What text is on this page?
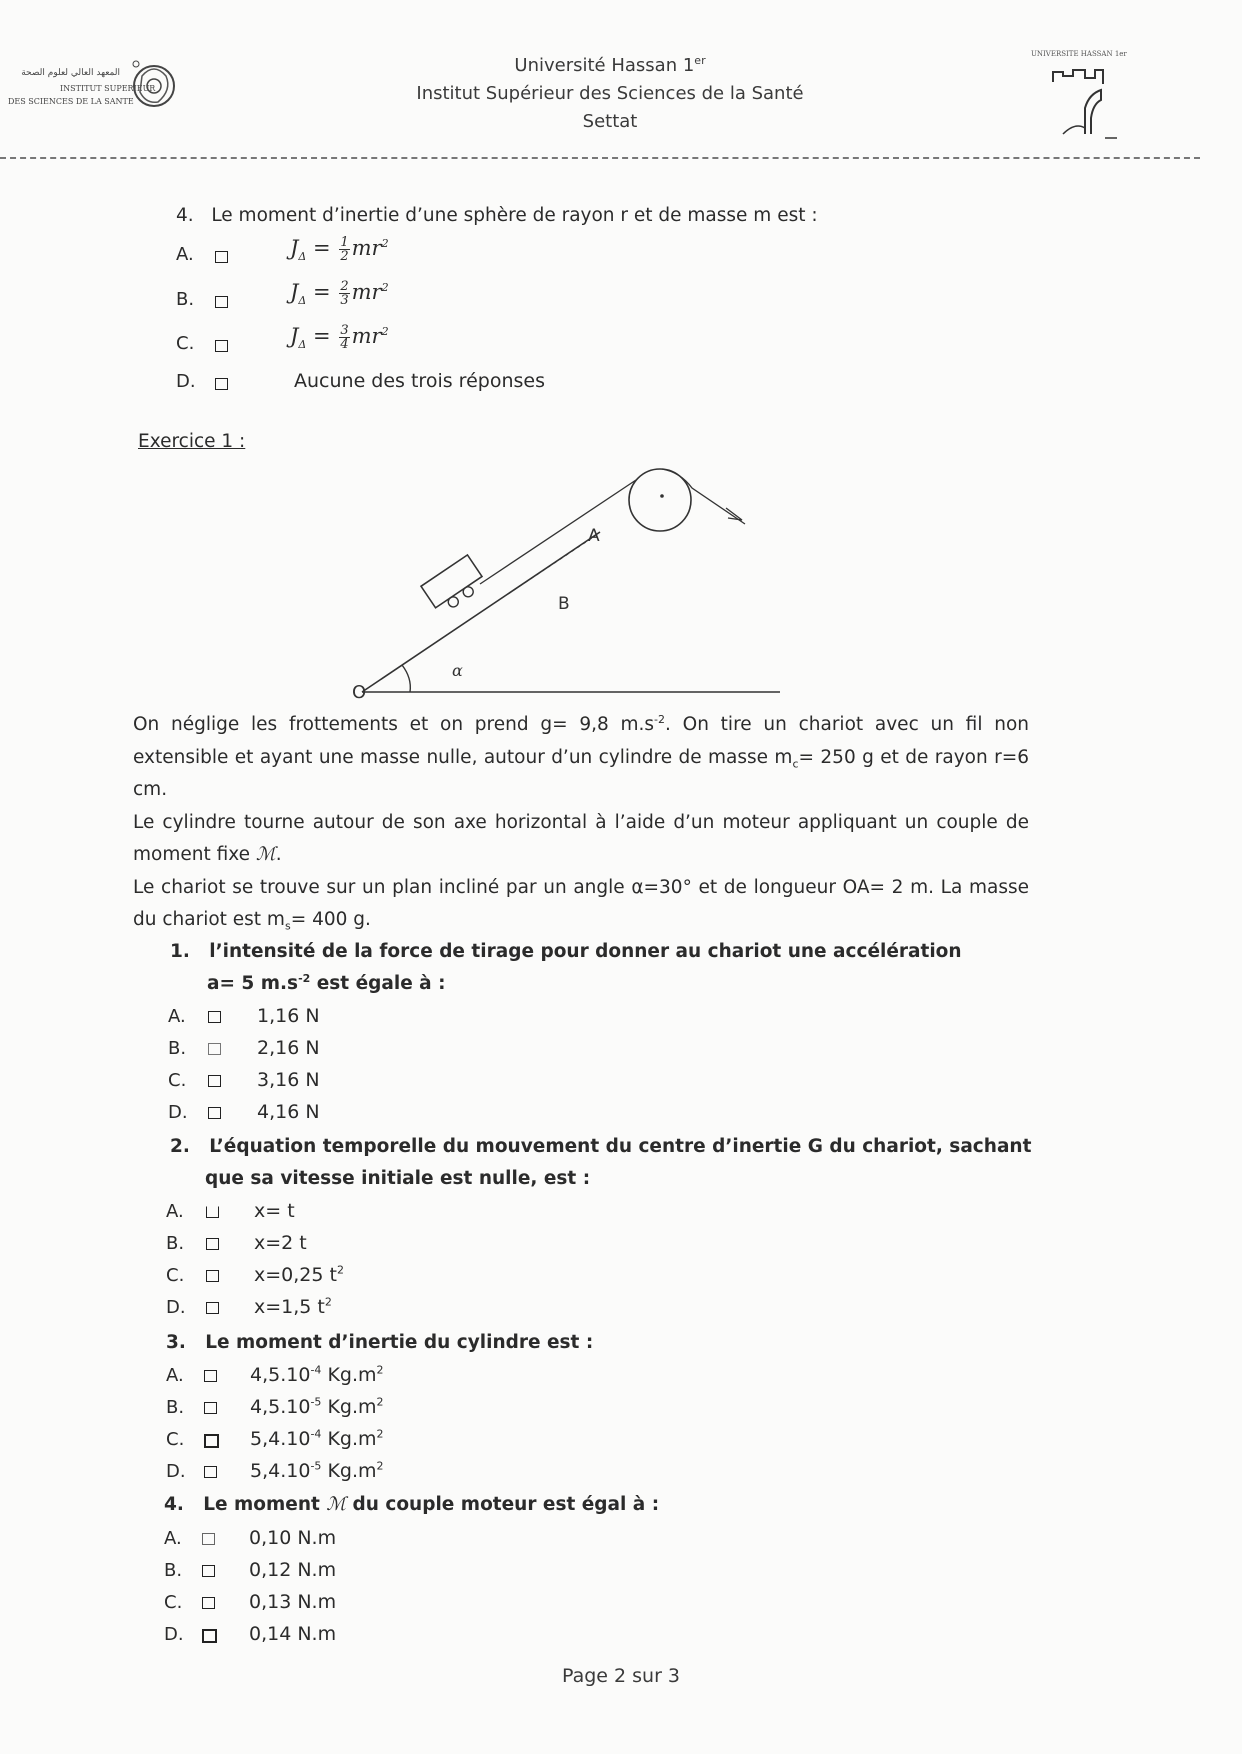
المعهد العالي لعلوم الصحة
INSTITUT SUPERIEUR
DES SCIENCES DE LA SANTE
Université Hassan 1er
Institut Supérieur des Sciences de la Santé
Settat
UNIVERSITE HASSAN 1er
4. Le moment d’inertie d’une sphère de rayon r et de masse m est :
A.	$J_\Delta = \frac{1}{2} mr^2$
B.	$J_\Delta = \frac{2}{3} mr^2$
C.	$J_\Delta = \frac{3}{4} mr^2$
D.	Aucune des trois réponses
Exercice 1 :
O
α
A
B

On néglige les frottements et on prend g= 9,8 $m.s^{-2}$. On tire un chariot avec un fil non extensible et ayant une masse nulle, autour d’un cylindre de masse $m_c= 250$ g et de rayon r=6 cm.

Le cylindre tourne autour de son axe horizontal à l’aide d’un moteur appliquant un couple de moment fixe ℳ.

Le chariot se trouve sur un plan incliné par un angle α=30° et de longueur OA= 2 m. La masse du chariot est $m_s= 400$ g.

1. l’intensité de la force de tirage pour donner au chariot une accélération
a= 5 $m.s^{-2}$ est égale à :
A.	1,16 N
B.	2,16 N
C.	3,16 N
D.	4,16 N
2. L’équation temporelle du mouvement du centre d’inertie G du chariot, sachant
que sa vitesse initiale est nulle, est :
A.	x= t
B.	x=2 t
C.	x=0,25 $t^2$
D.	x=1,5 $t^2$
3. Le moment d’inertie du cylindre est :
A.	$4,5.10^{-4}$ $Kg.m^2$
B.	$4,5.10^{-5}$ $Kg.m^2$
C.	$5,4.10^{-4}$ $Kg.m^2$
D.	$5,4.10^{-5}$ $Kg.m^2$
4. Le moment ℳ du couple moteur est égal à :
A.	0,10 N.m
B.	0,12 N.m
C.	0,13 N.m
D.	0,14 N.m
Page 2 sur 3
